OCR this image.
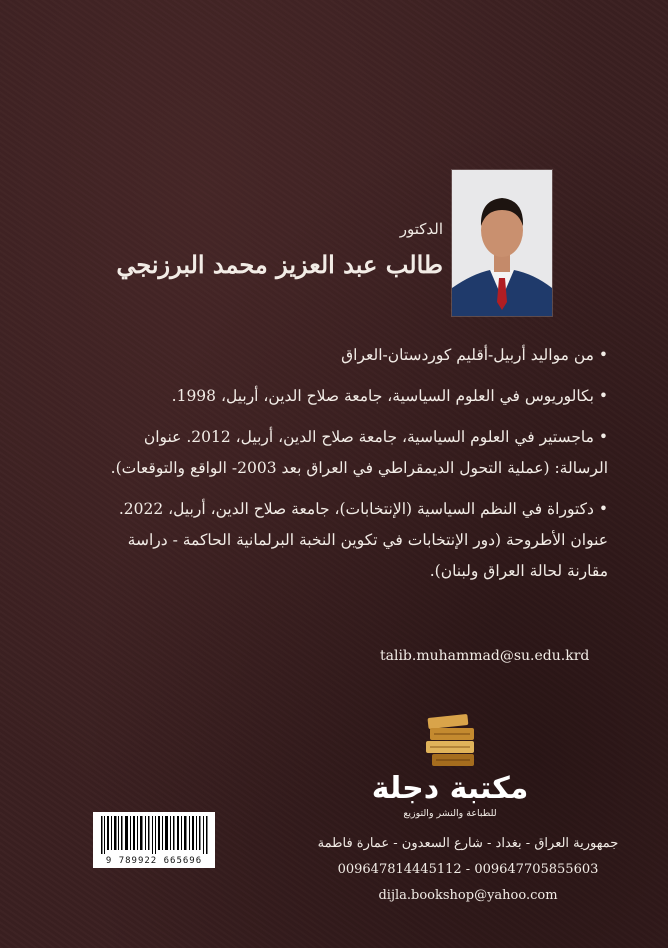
الدكتور
طالب عبد العزيز محمد البرزنجي

• من مواليد أربيل-أقليم كوردستان-العراق

• بكالوريوس في العلوم السياسية، جامعة صلاح الدين، أربيل، 1998.

• ماجستير في العلوم السياسية، جامعة صلاح الدين، أربيل، 2012. عنوان الرسالة: (عملية التحول الديمقراطي في العراق بعد 2003- الواقع والتوقعات).

• دكتوراة في النظم السياسية (الإنتخابات)، جامعة صلاح الدين، أربيل، 2022. عنوان الأطروحة (دور الإنتخابات في تكوين النخبة البرلمانية الحاكمة - دراسة مقارنة لحالة العراق ولبنان).

talib.muhammad@su.edu.krd
مكتبة دجلة
للطباعة والنشر والتوزيع
9 789922 665696
جمهورية العراق - بغداد - شارع السعدون - عمارة فاطمة
009647814445112 - 009647705855603
dijla.bookshop@yahoo.com
